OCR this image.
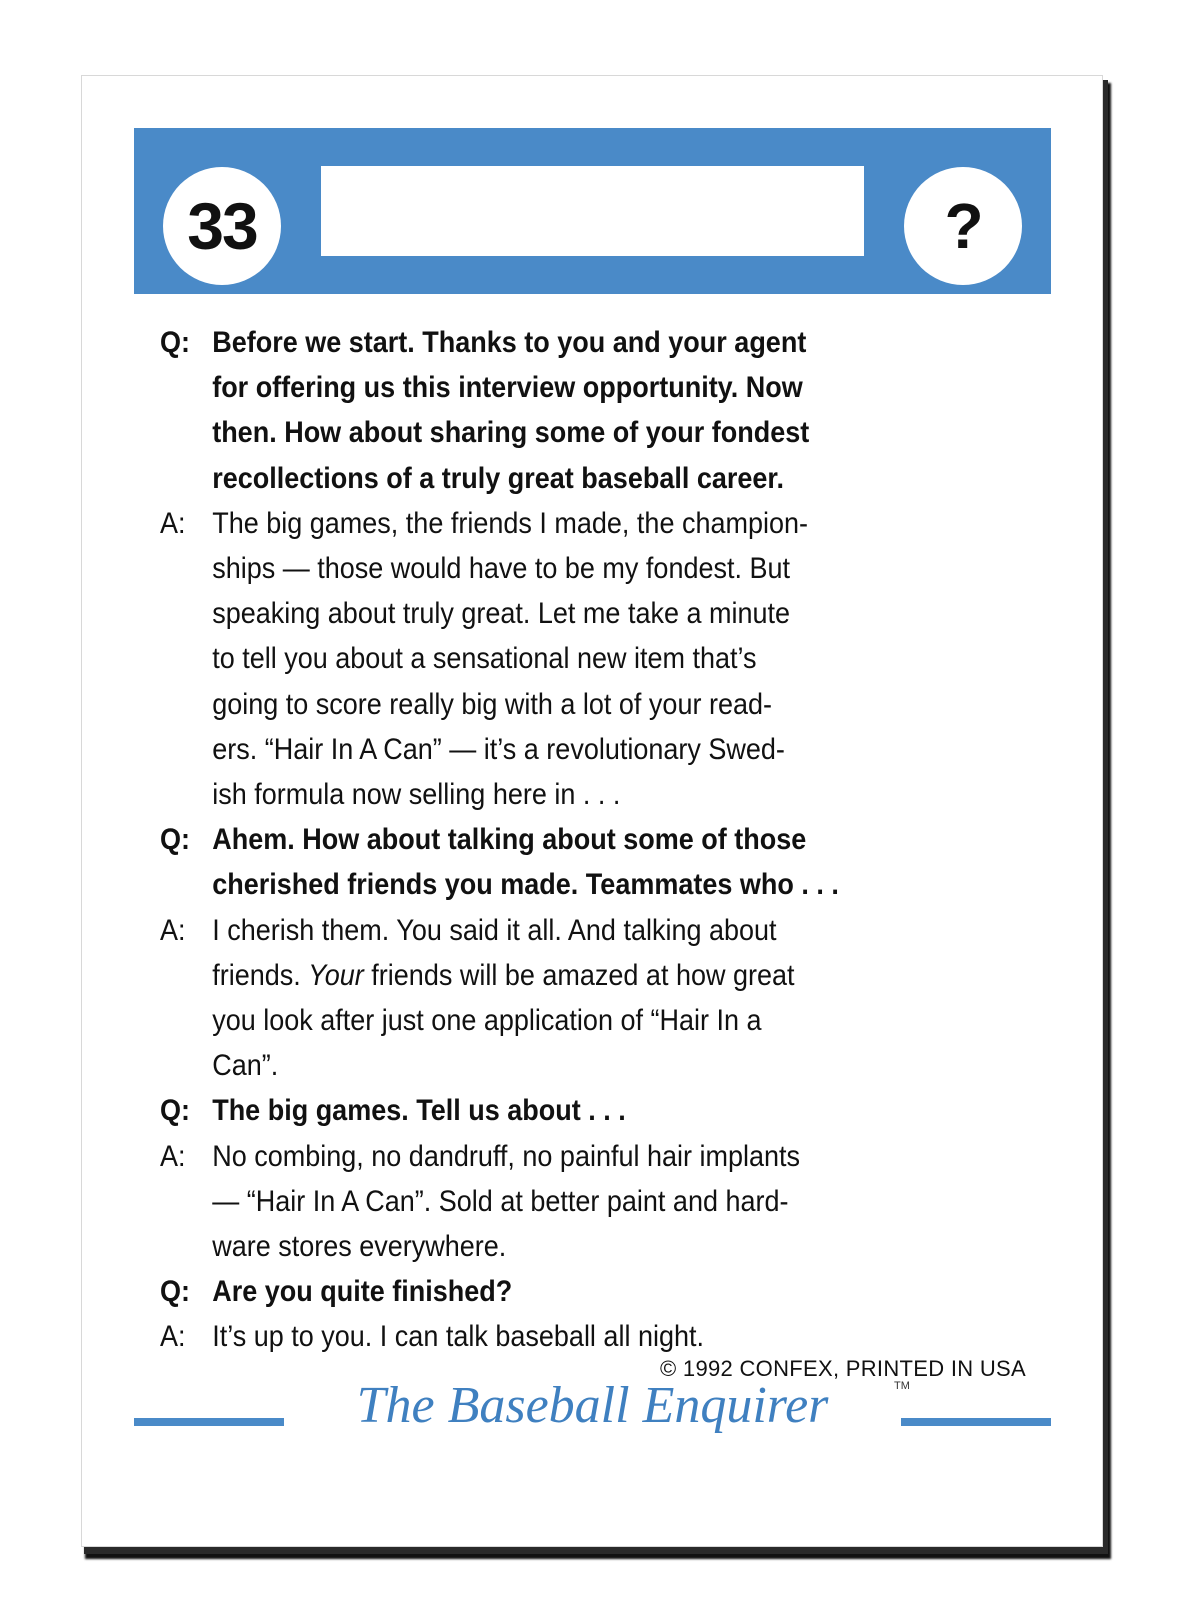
33	?
Q: Before we start. Thanks to you and your agent
for offering us this interview opportunity. Now
then. How about sharing some of your fondest
recollections of a truly great baseball career.
A: The big games, the friends I made, the champion-
ships — those would have to be my fondest. But
speaking about truly great. Let me take a minute
to tell you about a sensational new item that’s
going to score really big with a lot of your read-
ers. “Hair In A Can” — it’s a revolutionary Swed-
ish formula now selling here in . . .
Q: Ahem. How about talking about some of those
cherished friends you made. Teammates who . . .
A: I cherish them. You said it all. And talking about
friends. Your friends will be amazed at how great
you look after just one application of “Hair In a
Can”.
Q: The big games. Tell us about . . .
A: No combing, no dandruff, no painful hair implants
— “Hair In A Can”. Sold at better paint and hard-
ware stores everywhere.
Q: Are you quite finished?
A: It’s up to you. I can talk baseball all night.
© 1992 CONFEX, PRINTED IN USA
The Baseball Enquirer	TM
